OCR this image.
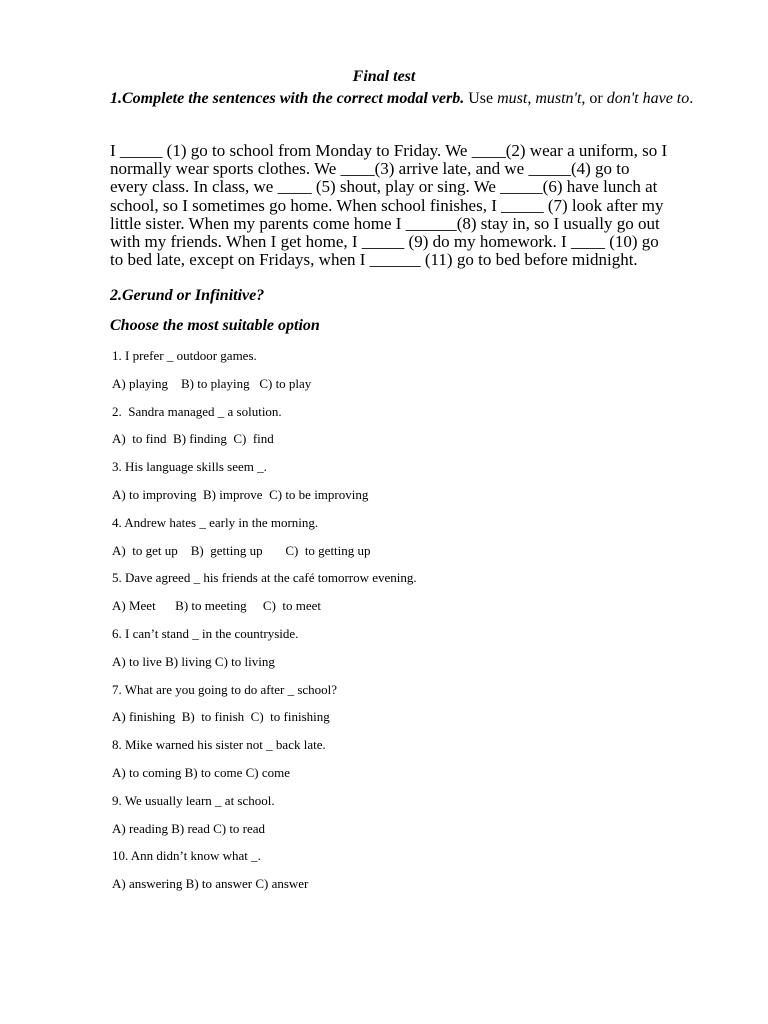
Final test
1.Complete the sentences with the correct modal verb. Use must, mustn't, or don't have to.
I _____ (1) go to school from Monday to Friday. We ____(2) wear a uniform, so I
normally wear sports clothes. We ____(3) arrive late, and we _____(4) go to
every class. In class, we ____ (5) shout, play or sing. We _____(6) have lunch at
school, so I sometimes go home. When school finishes, I _____ (7) look after my
little sister. When my parents come home I ______(8) stay in, so I usually go out
with my friends. When I get home, I _____ (9) do my homework. I ____ (10) go
to bed late, except on Fridays, when I ______ (11) go to bed before midnight.
2.Gerund or Infinitive?
Choose the most suitable option
1. I prefer _ outdoor games.
A) playing    B) to playing   C) to play
2.  Sandra managed _ a solution.
A)  to find  B) finding  C)  find
3. His language skills seem _.
A) to improving  B) improve  C) to be improving
4. Andrew hates _ early in the morning.
A)  to get up    B)  getting up       C)  to getting up
5. Dave agreed _ his friends at the café tomorrow evening.
A) Meet      B) to meeting     C)  to meet
6. I can’t stand _ in the countryside.
A) to live B) living C) to living
7. What are you going to do after _ school?
A) finishing  B)  to finish  C)  to finishing
8. Mike warned his sister not _ back late.
A) to coming B) to come C) come
9. We usually learn _ at school.
A) reading B) read C) to read
10. Ann didn’t know what _.
A) answering B) to answer C) answer
